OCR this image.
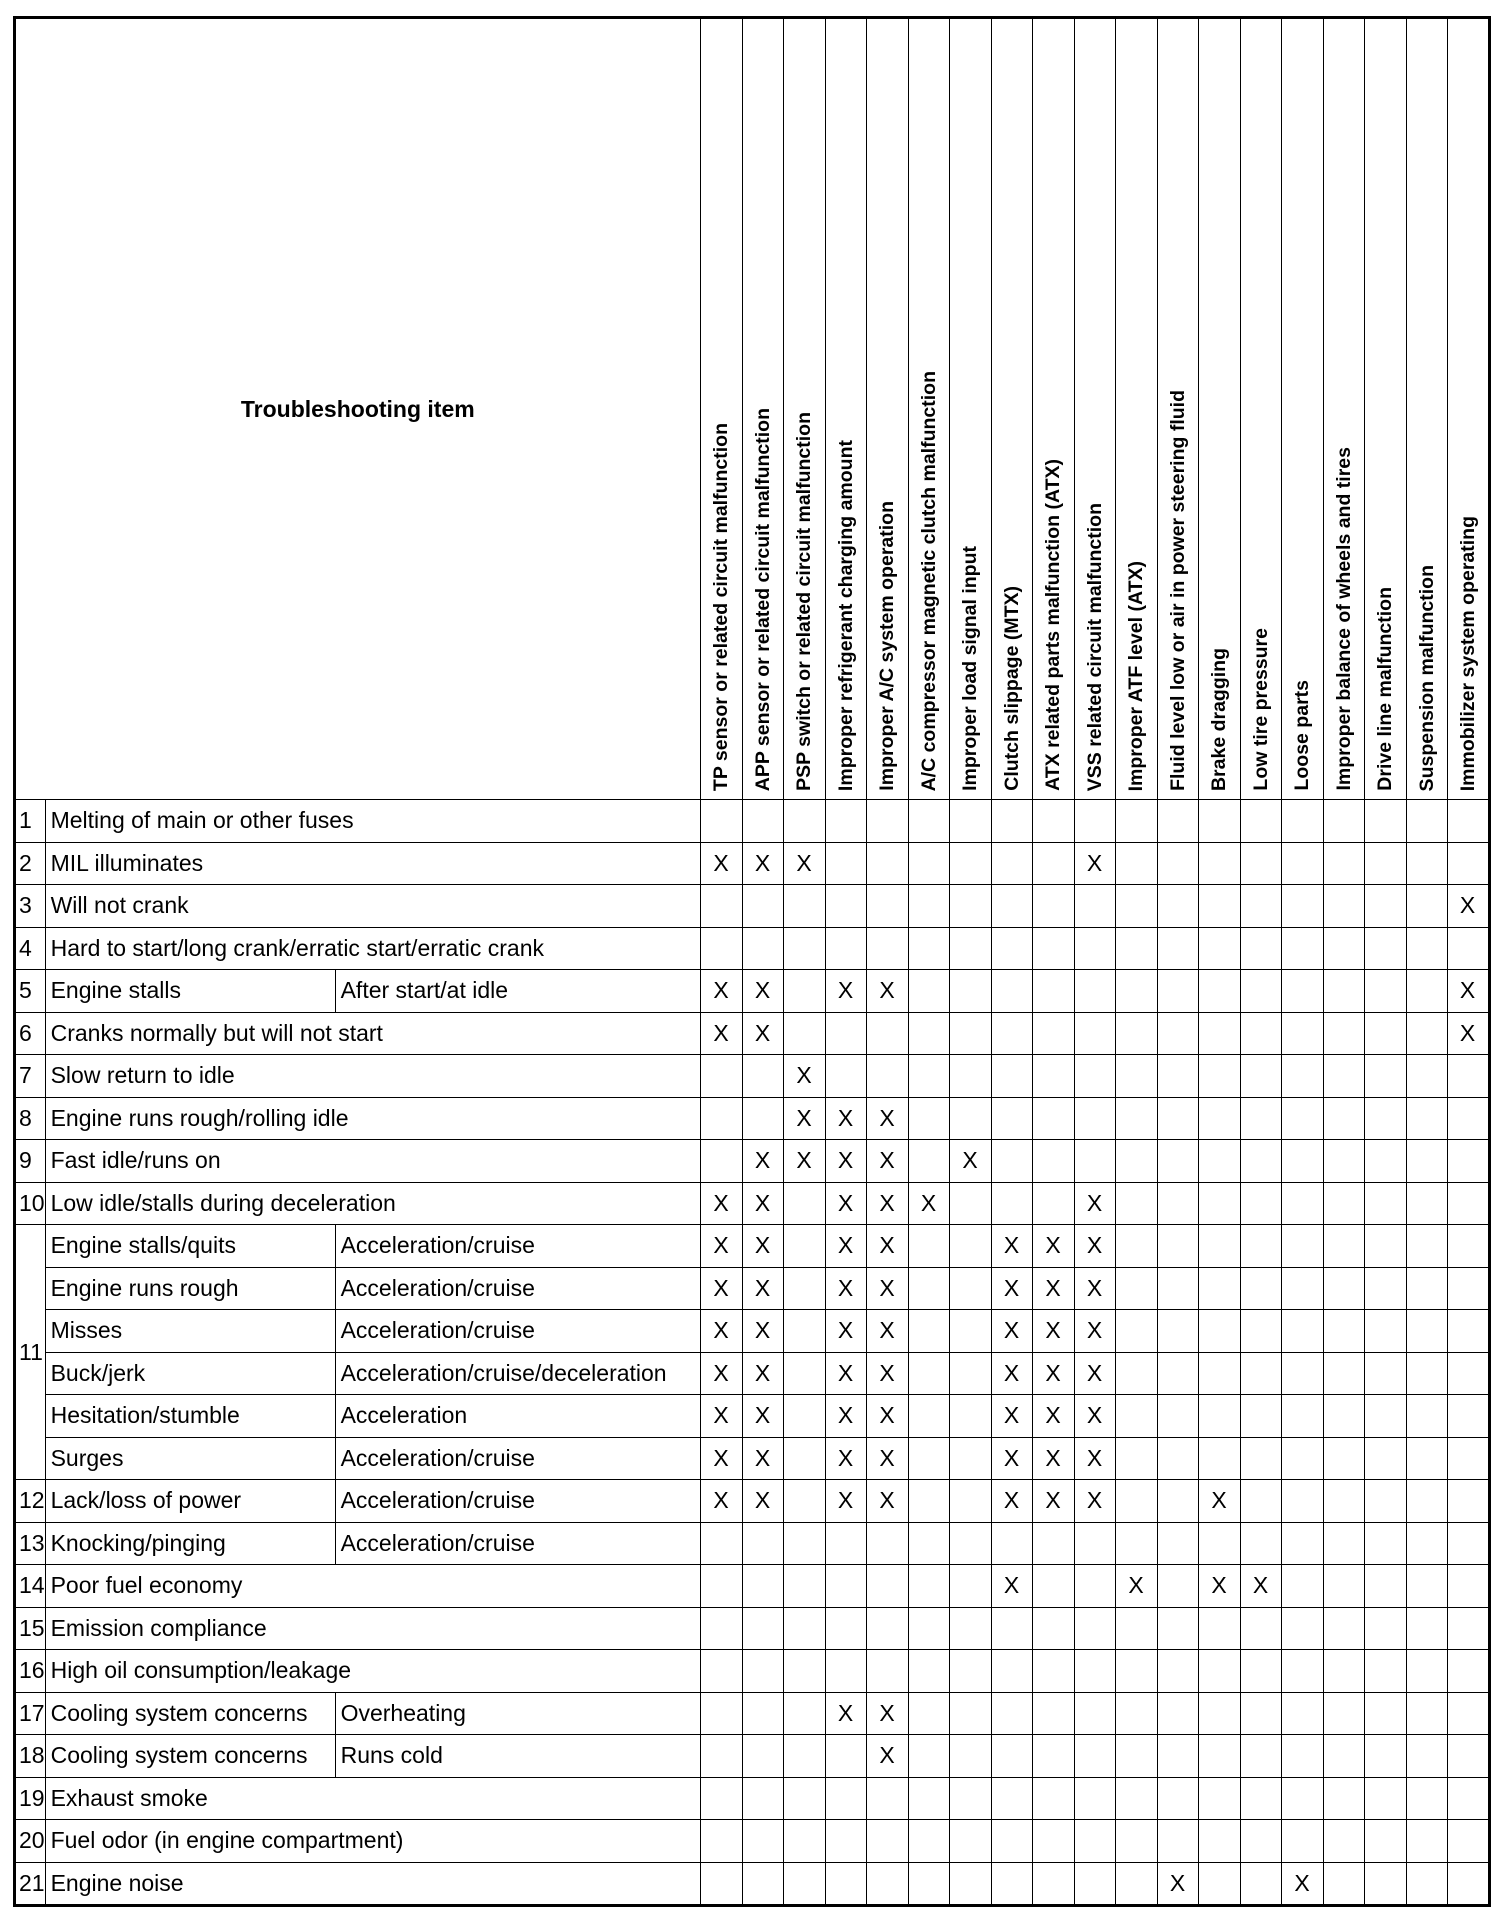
Troubleshooting item			TP sensor or related circuit malfunction	APP sensor or related circuit malfunction	PSP switch or related circuit malfunction	Improper refrigerant charging amount	Improper A/C system operation	A/C compressor magnetic clutch malfunction	Improper load signal input	Clutch slippage (MTX)	ATX related parts malfunction (ATX)	VSS related circuit malfunction	Improper ATF level (ATX)	Fluid level low or air in power steering fluid	Brake dragging	Low tire pressure	Loose parts	Improper balance of wheels and tires	Drive line malfunction	Suspension malfunction	Immobilizer system operating

1	Melting of main or other fuses																				
2	MIL illuminates		X	X	X							X									
3	Will not crank																				X
4	Hard to start/long crank/erratic start/erratic crank																				
5	Engine stalls	After start/at idle	X	X		X	X														X
6	Cranks normally but will not start		X	X																	X
7	Slow return to idle				X																
8	Engine runs rough/rolling idle				X	X	X														
9	Fast idle/runs on			X	X	X	X		X												
10	Low idle/stalls during deceleration		X	X		X	X	X				X									
11	Engine stalls/quits	Acceleration/cruise	X	X		X	X			X	X	X									
	Engine runs rough	Acceleration/cruise	X	X		X	X			X	X	X									
	Misses	Acceleration/cruise	X	X		X	X			X	X	X									
	Buck/jerk	Acceleration/cruise/deceleration	X	X		X	X			X	X	X									
	Hesitation/stumble	Acceleration	X	X		X	X			X	X	X									
	Surges	Acceleration/cruise	X	X		X	X			X	X	X									
12	Lack/loss of power	Acceleration/cruise	X	X		X	X			X	X	X			X						
13	Knocking/pinging	Acceleration/cruise																			
14	Poor fuel economy									X			X		X	X					
15	Emission compliance																				
16	High oil consumption/leakage																				
17	Cooling system concerns	Overheating				X	X														
18	Cooling system concerns	Runs cold					X														
19	Exhaust smoke																				
20	Fuel odor (in engine compartment)																				
21	Engine noise													X			X				
